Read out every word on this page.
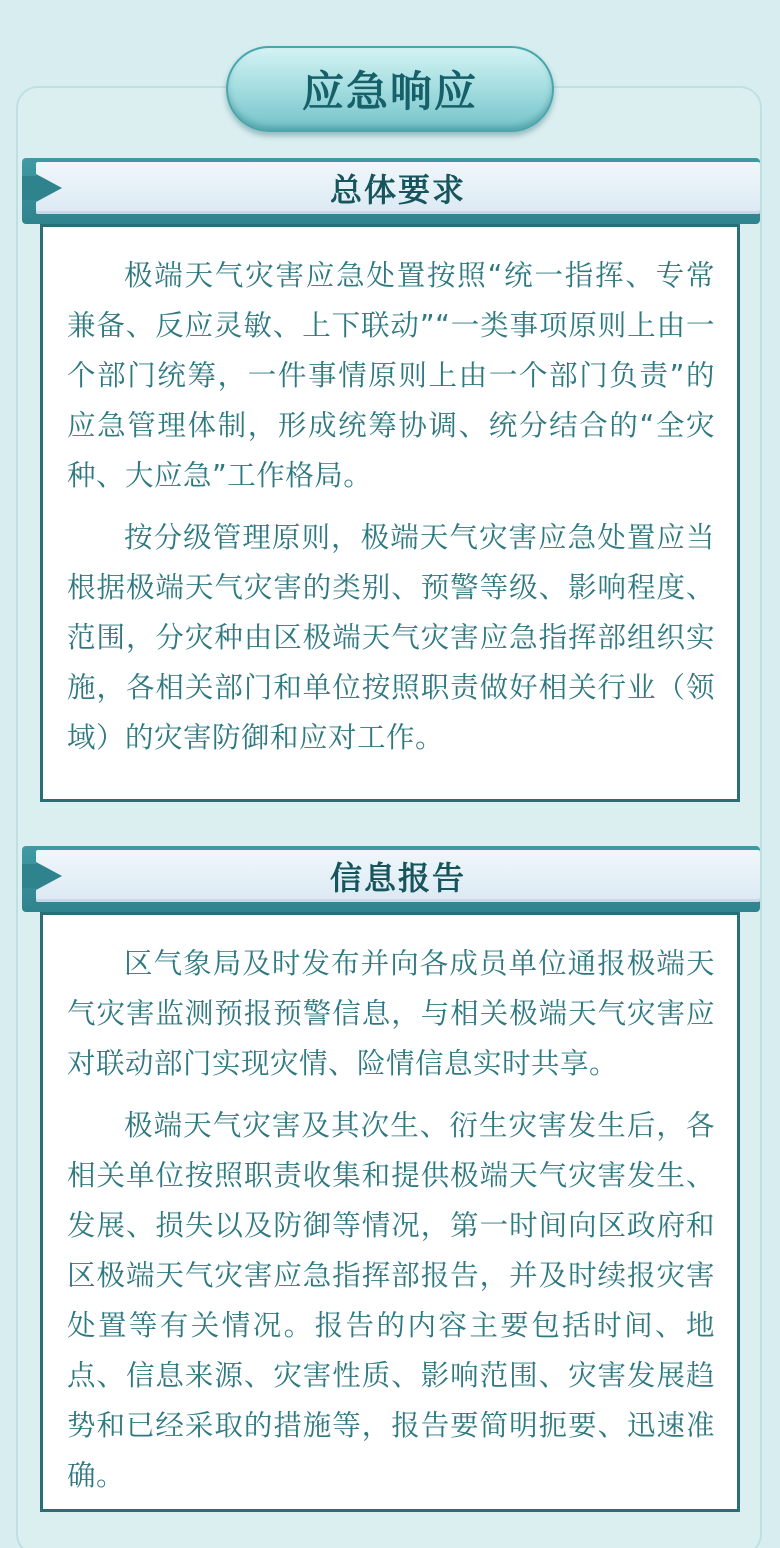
应急响应
总体要求

极端天气灾害应急处置按照“统一指挥、专常兼备、反应灵敏、上下联动”“一类事项原则上由一个部门统筹，一件事情原则上由一个部门负责”的应急管理体制，形成统筹协调、统分结合的“全灾种、大应急”工作格局。

按分级管理原则，极端天气灾害应急处置应当根据极端天气灾害的类别、预警等级、影响程度、范围，分灾种由区极端天气灾害应急指挥部组织实施，各相关部门和单位按照职责做好相关行业（领域）的灾害防御和应对工作。

信息报告

区气象局及时发布并向各成员单位通报极端天气灾害监测预报预警信息，与相关极端天气灾害应对联动部门实现灾情、险情信息实时共享。

极端天气灾害及其次生、衍生灾害发生后，各相关单位按照职责收集和提供极端天气灾害发生、发展、损失以及防御等情况，第一时间向区政府和区极端天气灾害应急指挥部报告，并及时续报灾害处置等有关情况。报告的内容主要包括时间、地点、信息来源、灾害性质、影响范围、灾害发展趋势和已经采取的措施等，报告要简明扼要、迅速准确。
